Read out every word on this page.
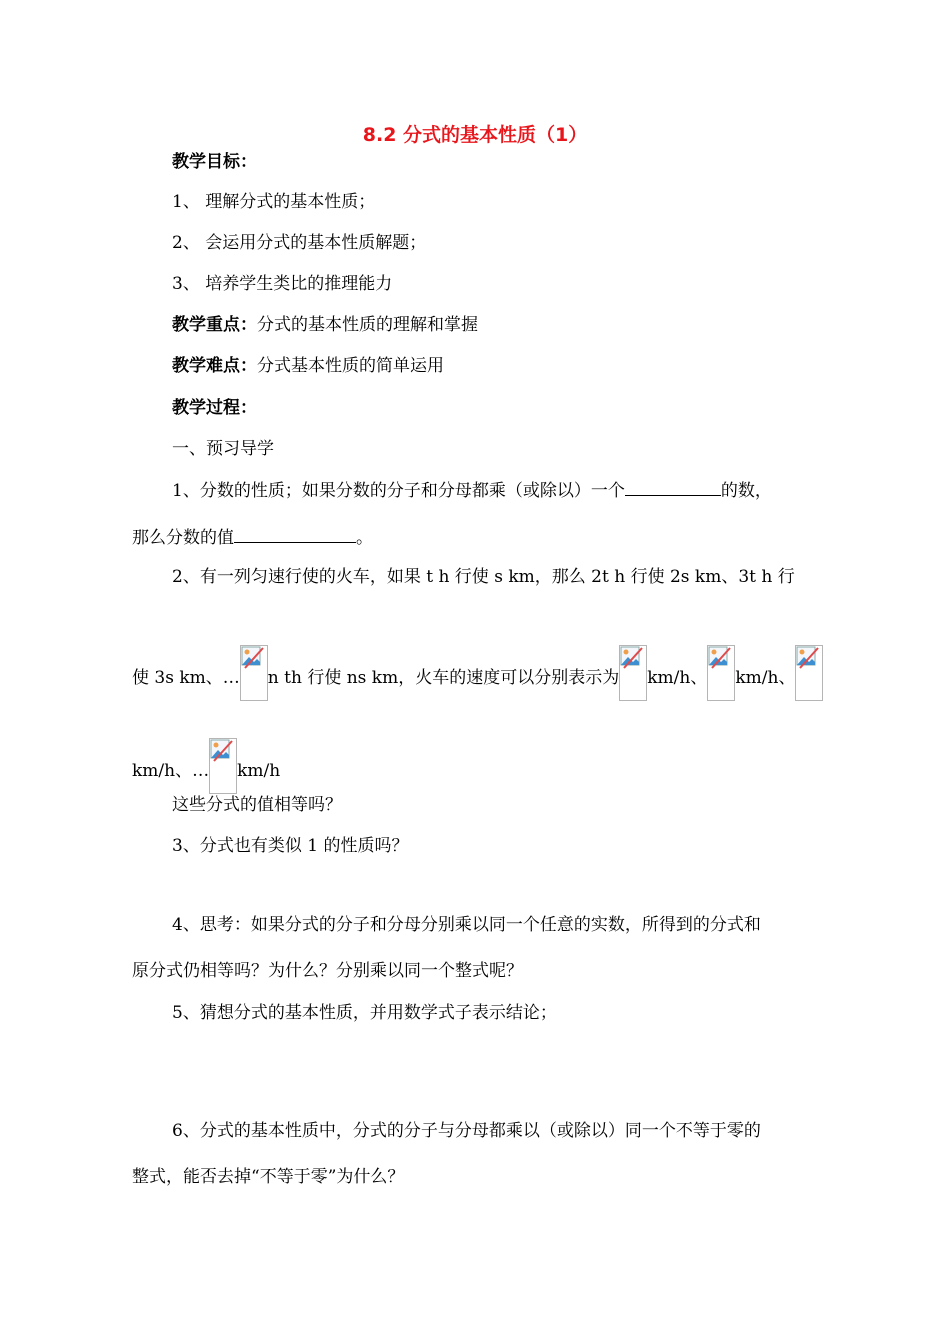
8.2 分式的基本性质（1）
教学目标：
1、 理解分式的基本性质；
2、 会运用分式的基本性质解题；
3、 培养学生类比的推理能力
教学重点：分式的基本性质的理解和掌握
教学难点：分式基本性质的简单运用
教学过程：
一、预习导学
1、分数的性质；如果分数的分子和分母都乘（或除以）一个	的数，
那么分数的值	。
2、有一列匀速行使的火车，如果 t h 行使 s km，那么 2t h 行使 2s km、3t h 行
使 3s km、… n th 行使 ns km，火车的速度可以分别表示为 km/h、 km/h、
km/h、… km/h
这些分式的值相等吗？
3、分式也有类似 1 的性质吗？
4、思考：如果分式的分子和分母分别乘以同一个任意的实数，所得到的分式和
原分式仍相等吗？为什么？分别乘以同一个整式呢？
5、猜想分式的基本性质，并用数学式子表示结论；
6、分式的基本性质中，分式的分子与分母都乘以（或除以）同一个不等于零的
整式，能否去掉“不等于零”为什么？
